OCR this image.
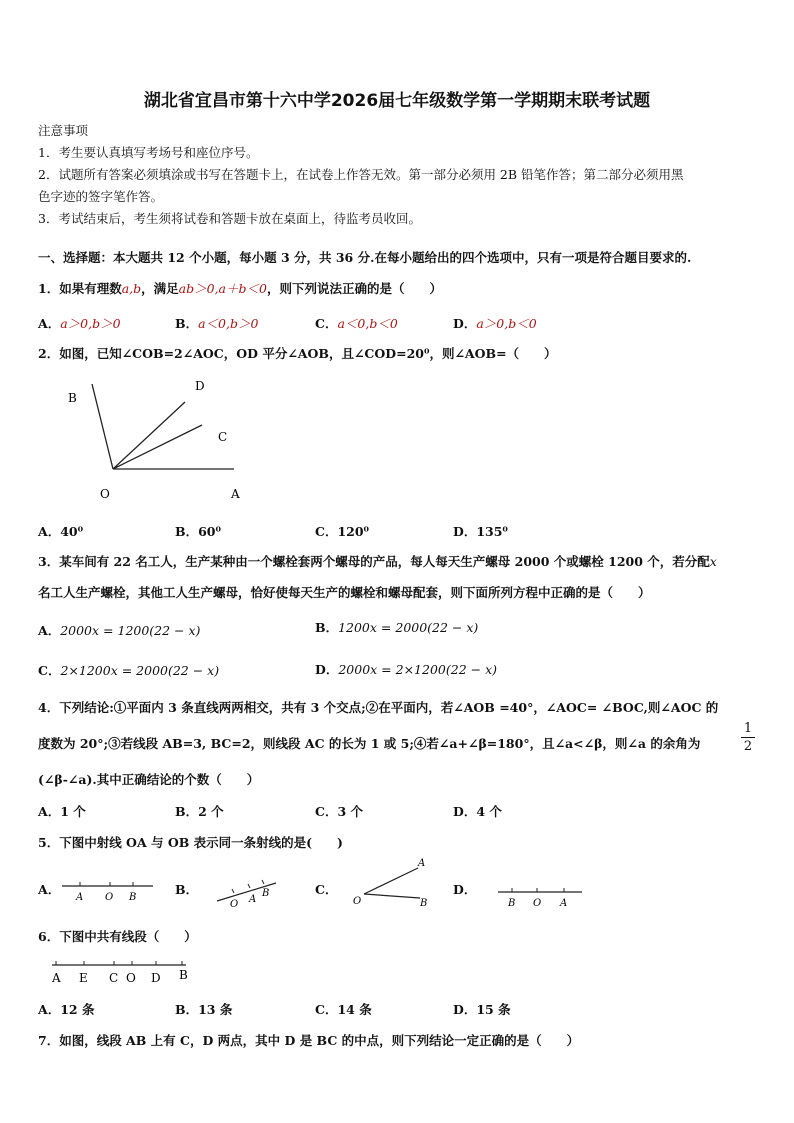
湖北省宜昌市第十六中学2026届七年级数学第一学期期末联考试题
注意事项
1．考生要认真填写考场号和座位序号。
2．试题所有答案必须填涂或书写在答题卡上，在试卷上作答无效。第一部分必须用 2B 铅笔作答；第二部分必须用黑
色字迹的签字笔作答。
3．考试结束后，考生须将试卷和答题卡放在桌面上，待监考员收回。
一、选择题：本大题共 12 个小题，每小题 3 分，共 36 分.在每小题给出的四个选项中，只有一项是符合题目要求的.
1．如果有理数a,b，满足ab＞0,a＋b＜0，则下列说法正确的是（　　）
A．a＞0,b＞0	B．a＜0,b＞0	C．a＜0,b＜0	D．a＞0,b＜0
2．如图，已知∠COB=2∠AOC，OD 平分∠AOB，且∠COD=20⁰，则∠AOB=（　　）
B
D
C
O	A
A．40⁰	B．60⁰	C．120⁰	D．135⁰
3．某车间有 22 名工人，生产某种由一个螺栓套两个螺母的产品，每人每天生产螺母 2000 个或螺栓 1200 个，若分配x
名工人生产螺栓，其他工人生产螺母，恰好使每天生产的螺栓和螺母配套，则下面所列方程中正确的是（　　）
A．2000x = 1200(22 − x)	B．1200x = 2000(22 − x)
C．2×1200x = 2000(22 − x)	D．2000x = 2×1200(22 − x)
4．下列结论:①平面内 3 条直线两两相交，共有 3 个交点;②在平面内，若∠AOB =40°，∠AOC= ∠BOC,则∠AOC 的
度数为 20°;③若线段 AB=3, BC=2，则线段 AC 的长为 1 或 5;④若∠a+∠β=180°，且∠a<∠β，则∠a 的余角为
1
2
(∠β-∠a).其中正确结论的个数（　　）
A．1 个	B．2 个	C．3 个	D．4 个
5．下图中射线 OA 与 OB 表示同一条射线的是(　　)
A．
A O B
B．
O A
B	C．
A
O	B
D．
B O A
6．下图中共有线段（　　）
A E C O D B
A．12 条	B．13 条	C．14 条	D．15 条
7．如图，线段 AB 上有 C，D 两点，其中 D 是 BC 的中点，则下列结论一定正确的是（　　）
